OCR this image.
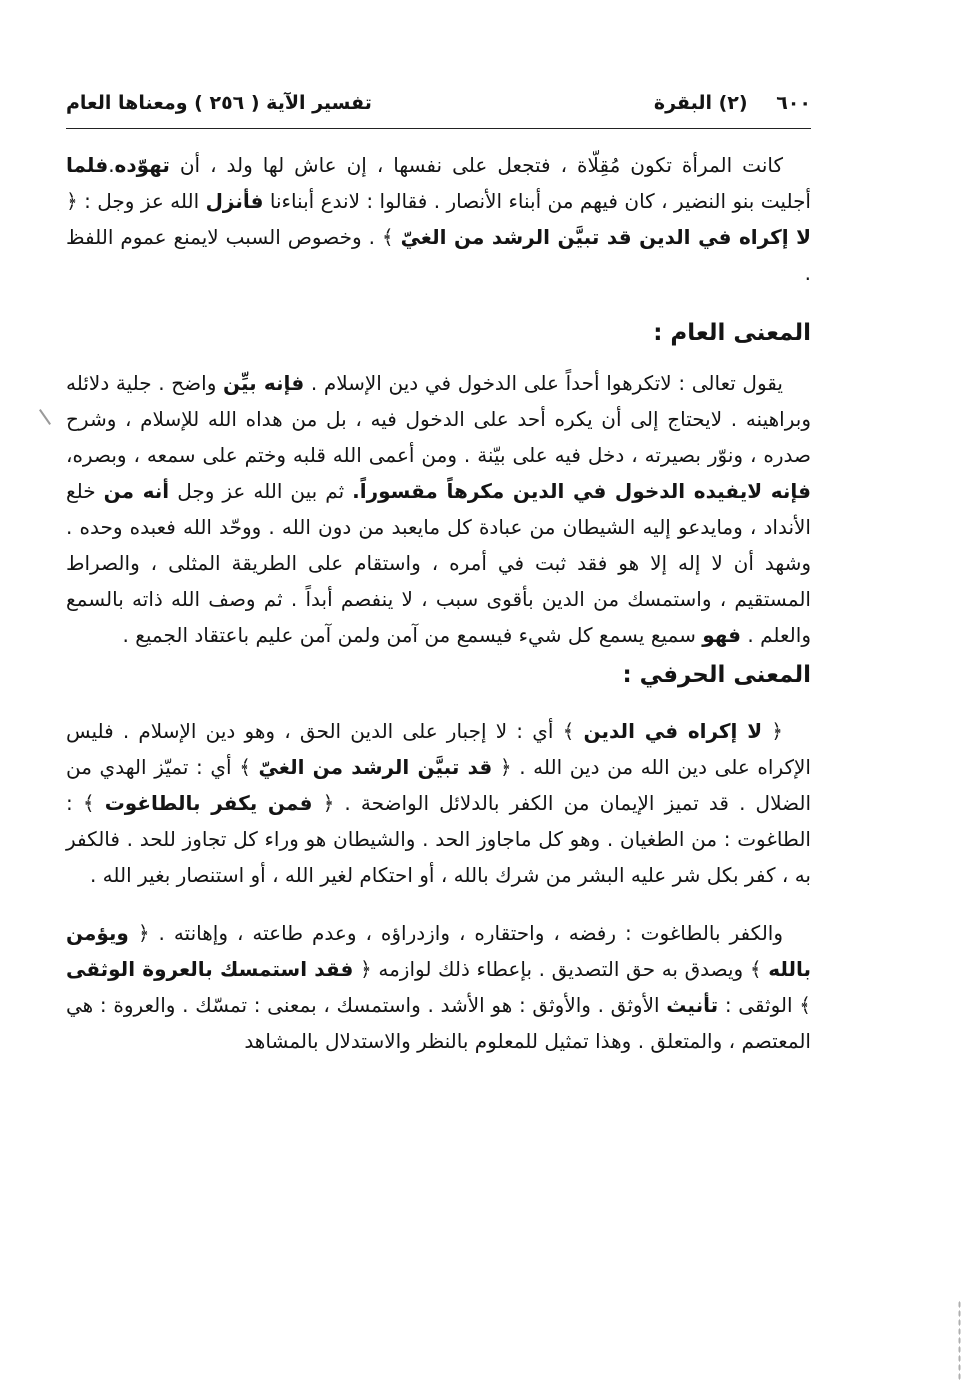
٦٠٠ (٢) البقرة
تفسير الآية ( ٢٥٦ ) ومعناها العام

كانت المرأة تكون مُقِلّاة ، فتجعل على نفسها ، إن عاش لها ولد ، أن تهوّده.فلما أجليت بنو النضير ، كان فيهم من أبناء الأنصار . فقالوا : لاندع أبناءنا فأنزل الله عز وجل : ﴿ لا إكراه في الدين قد تبيَّن الرشد من الغيّ ﴾ . وخصوص السبب لايمنع عموم اللفظ .

المعنى العام :

يقول تعالى : لاتكرهوا أحداً على الدخول في دين الإسلام . فإنه بيِّن واضح . جلية دلائله وبراهينه . لايحتاج إلى أن يكره أحد على الدخول فيه ، بل من هداه الله للإسلام ، وشرح صدره ، ونوّر بصيرته ، دخل فيه على بيّنة . ومن أعمى الله قلبه وختم على سمعه ، وبصره، فإنه لايفيده الدخول في الدين مكرهاً مقسوراً. ثم بين الله عز وجل أنه من خلع الأنداد ، ومايدعو إليه الشيطان من عبادة كل مايعبد من دون الله . ووحّد الله فعبده وحده . وشهد أن لا إله إلا هو فقد ثبت في أمره ، واستقام على الطريقة المثلى ، والصراط المستقيم ، واستمسك من الدين بأقوى سبب ، لا ينفصم أبداً . ثم وصف الله ذاته بالسمع والعلم . فهو سميع يسمع كل شيء فيسمع من آمن ولمن آمن عليم باعتقاد الجميع .

المعنى الحرفي :

﴿ لا إكراه في الدين ﴾ أي : لا إجبار على الدين الحق ، وهو دين الإسلام . فليس الإكراه على دين الله من دين الله . ﴿ قد تبيَّن الرشد من الغيّ ﴾ أي : تميّز الهدي من الضلال . قد تميز الإيمان من الكفر بالدلائل الواضحة . ﴿ فمن يكفر بالطاغوت ﴾ : الطاغوت : من الطغيان . وهو كل ماجاوز الحد . والشيطان هو وراء كل تجاوز للحد . فالكفر به ، كفر بكل شر عليه البشر من شرك بالله ، أو احتكام لغير الله ، أو استنصار بغير الله .

والكفر بالطاغوت : رفضه ، واحتقاره ، وازدراؤه ، وعدم طاعته ، وإهانته . ﴿ ويؤمن بالله ﴾ ويصدق به حق التصديق . بإعطاء ذلك لوازمه ﴿ فقد استمسك بالعروة الوثقى ﴾ الوثقى : تأنيث الأوثق . والأوثق : هو الأشد . واستمسك ، بمعنى : تمسّك . والعروة : هي المعتصم ، والمتعلق . وهذا تمثيل للمعلوم بالنظر والاستدلال بالمشاهد
